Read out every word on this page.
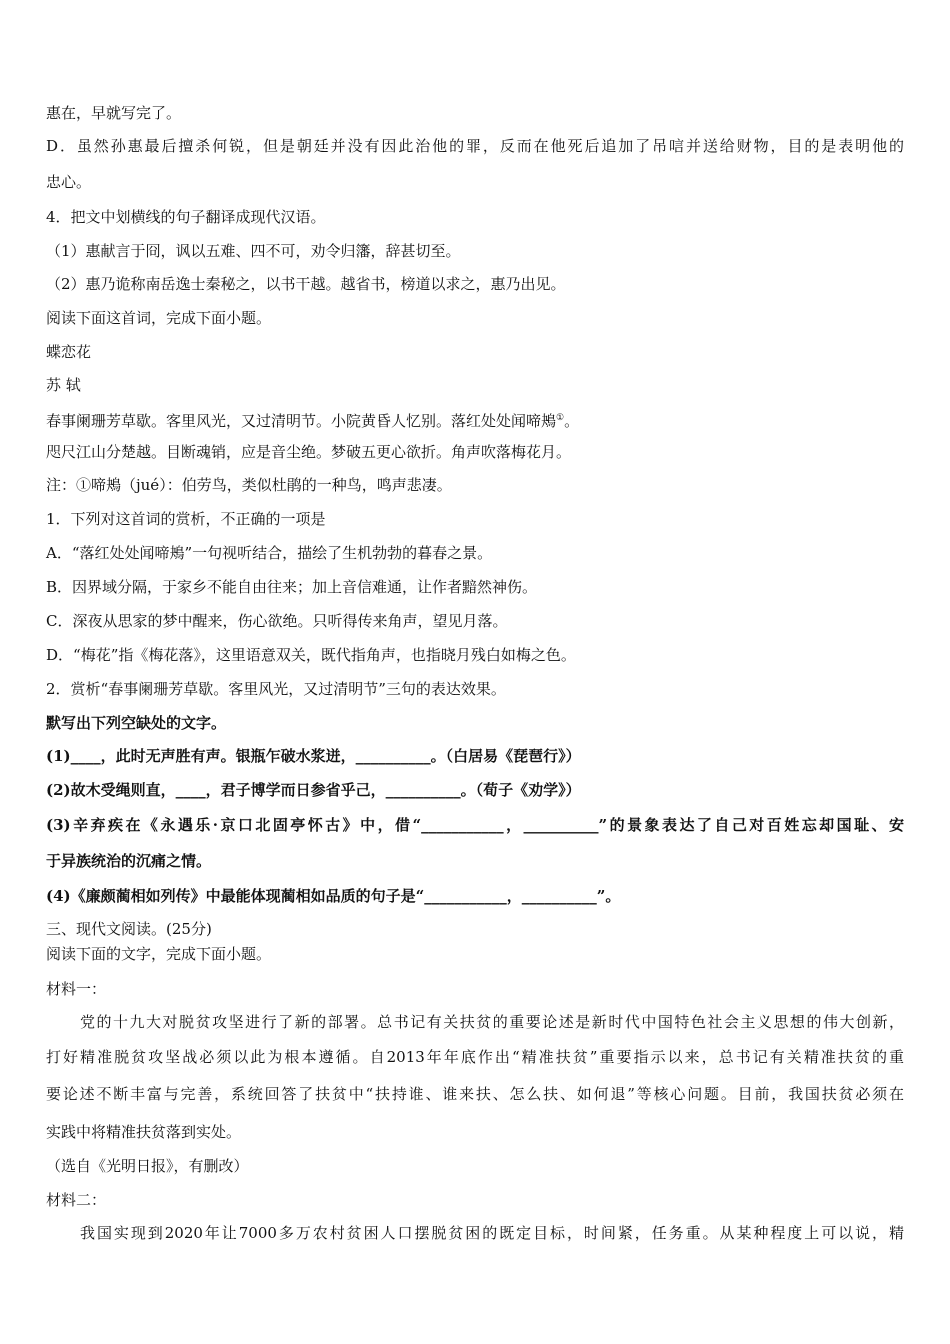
惠在，早就写完了。
D．虽然孙惠最后擅杀何锐，但是朝廷并没有因此治他的罪，反而在他死后追加了吊唁并送给财物，目的是表明他的
忠心。
4．把文中划横线的句子翻译成现代汉语。
（1）惠献言于冏，讽以五难、四不可，劝令归籓，辞甚切至。
（2）惠乃诡称南岳逸士秦秘之，以书干越。越省书，榜道以求之，惠乃出见。
阅读下面这首词，完成下面小题。
蝶恋花
苏 轼
春事阑珊芳草歇。客里风光，又过清明节。小院黄昏人忆别。落红处处闻啼鴂①。
咫尺江山分楚越。目断魂销，应是音尘绝。梦破五更心欲折。角声吹落梅花月。
注：①啼鴂（jué）：伯劳鸟，类似杜鹃的一种鸟，鸣声悲凄。
1．下列对这首词的赏析，不正确的一项是
A．“落红处处闻啼鴂”一句视听结合，描绘了生机勃勃的暮春之景。
B．因界域分隔，于家乡不能自由往来；加上音信难通，让作者黯然神伤。
C．深夜从思家的梦中醒来，伤心欲绝。只听得传来角声，望见月落。
D．“梅花”指《梅花落》，这里语意双关，既代指角声，也指晓月残白如梅之色。
2．赏析“春事阑珊芳草歇。客里风光，又过清明节”三句的表达效果。
默写出下列空缺处的文字。
(1)____，此时无声胜有声。银瓶乍破水浆迸，__________。（白居易《琵琶行》）
(2)故木受绳则直，____，君子博学而日参省乎己，__________。（荀子《劝学》）
(3)辛弃疾在《永遇乐·京口北固亭怀古》中，借“___________，__________”的景象表达了自己对百姓忘却国耻、安
于异族统治的沉痛之情。
(4)《廉颇蔺相如列传》中最能体现蔺相如品质的句子是“___________，__________”。
三、现代文阅读。(25分)
阅读下面的文字，完成下面小题。
材料一：
党的十九大对脱贫攻坚进行了新的部署。总书记有关扶贫的重要论述是新时代中国特色社会主义思想的伟大创新，
打好精准脱贫攻坚战必须以此为根本遵循。自2013年年底作出“精准扶贫”重要指示以来，总书记有关精准扶贫的重
要论述不断丰富与完善，系统回答了扶贫中“扶持谁、谁来扶、怎么扶、如何退”等核心问题。目前，我国扶贫必须在
实践中将精准扶贫落到实处。
（选自《光明日报》，有删改）
材料二：
我国实现到2020年让7000多万农村贫困人口摆脱贫困的既定目标，时间紧，任务重。从某种程度上可以说，精
